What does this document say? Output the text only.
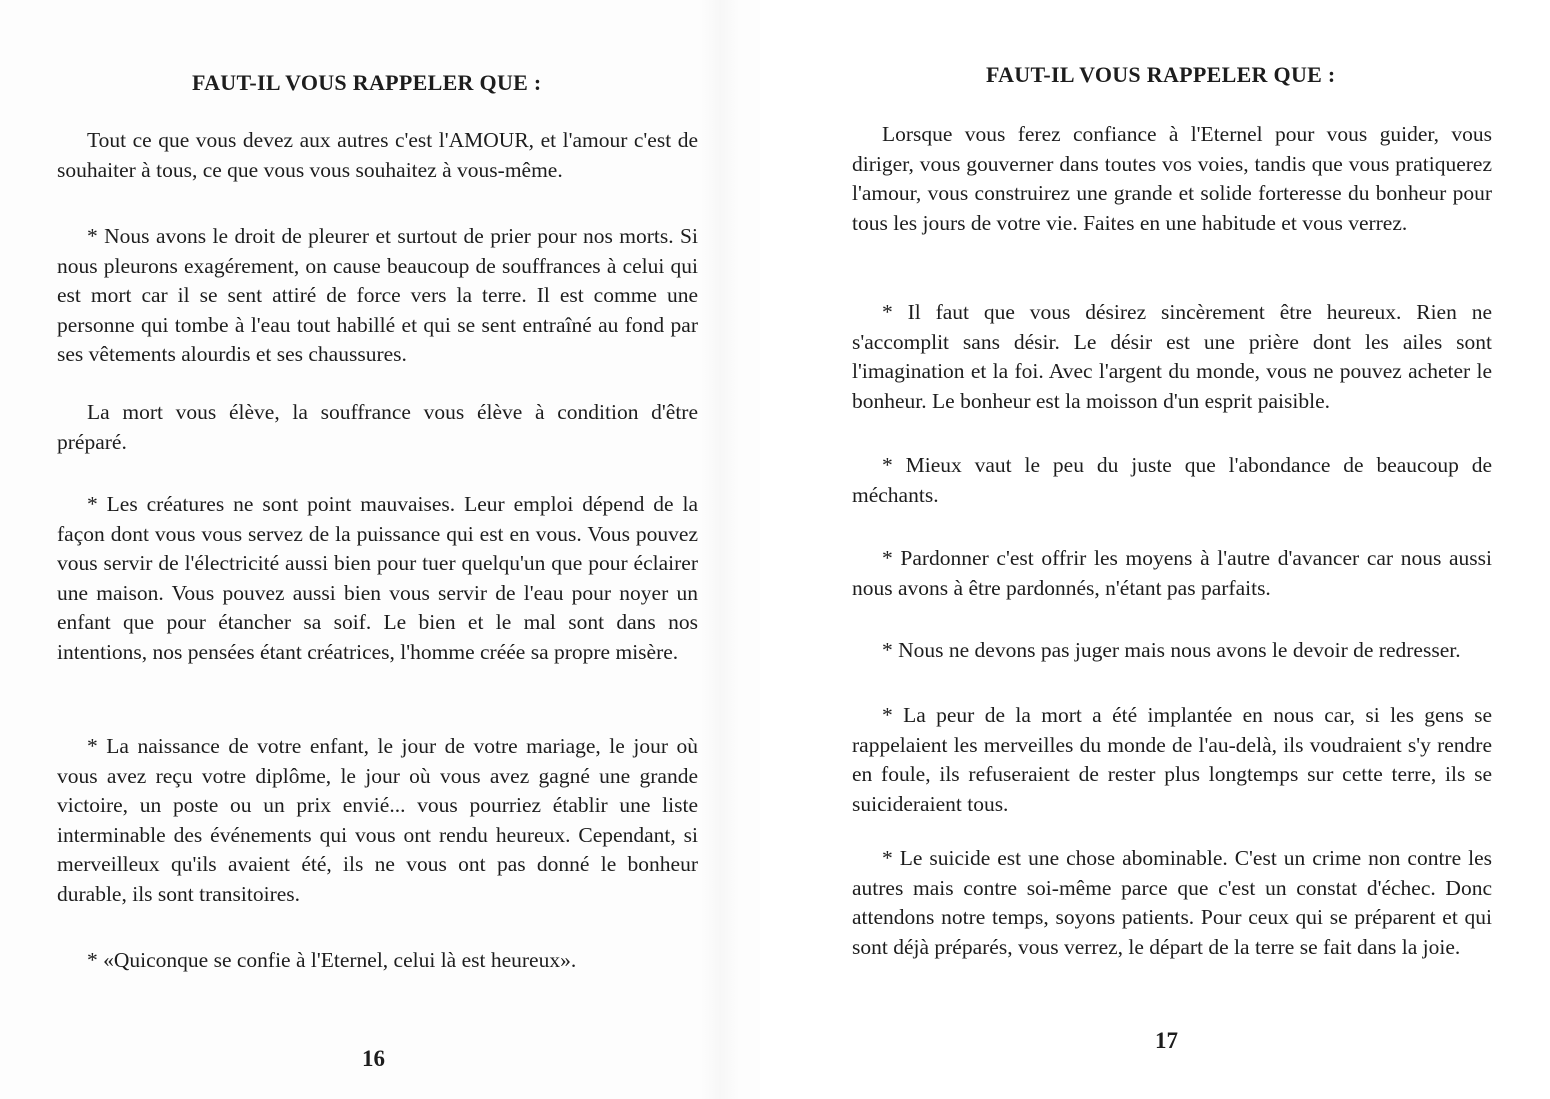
FAUT-IL VOUS RAPPELER QUE :

Tout ce que vous devez aux autres c'est l'AMOUR, et l'amour c'est de souhaiter à tous, ce que vous vous souhaitez à vous-même.

* Nous avons le droit de pleurer et surtout de prier pour nos morts. Si nous pleurons exagérement, on cause beaucoup de souffrances à celui qui est mort car il se sent attiré de force vers la terre. Il est comme une personne qui tombe à l'eau tout habillé et qui se sent entraîné au fond par ses vêtements alourdis et ses chaussures.

La mort vous élève, la souffrance vous élève à condition d'être préparé.

* Les créatures ne sont point mauvaises. Leur emploi dépend de la façon dont vous vous servez de la puissance qui est en vous. Vous pouvez vous servir de l'électricité aussi bien pour tuer quelqu'un que pour éclairer une maison. Vous pouvez aussi bien vous servir de l'eau pour noyer un enfant que pour étancher sa soif. Le bien et le mal sont dans nos intentions, nos pensées étant créatrices, l'homme créée sa propre misère.

* La naissance de votre enfant, le jour de votre mariage, le jour où vous avez reçu votre diplôme, le jour où vous avez gagné une grande victoire, un poste ou un prix envié... vous pourriez établir une liste interminable des événements qui vous ont rendu heureux. Cependant, si merveilleux qu'ils avaient été, ils ne vous ont pas donné le bonheur durable, ils sont transitoires.

* «Quiconque se confie à l'Eternel, celui là est heureux».

16

FAUT-IL VOUS RAPPELER QUE :

Lorsque vous ferez confiance à l'Eternel pour vous guider, vous diriger, vous gouverner dans toutes vos voies, tandis que vous pratiquerez l'amour, vous construirez une grande et solide forteresse du bonheur pour tous les jours de votre vie. Faites en une habitude et vous verrez.

* Il faut que vous désirez sincèrement être heureux. Rien ne s'accomplit sans désir. Le désir est une prière dont les ailes sont l'imagination et la foi. Avec l'argent du monde, vous ne pouvez acheter le bonheur. Le bonheur est la moisson d'un esprit paisible.

* Mieux vaut le peu du juste que l'abondance de beaucoup de méchants.

* Pardonner c'est offrir les moyens à l'autre d'avancer car nous aussi nous avons à être pardonnés, n'étant pas parfaits.

* Nous ne devons pas juger mais nous avons le devoir de redresser.

* La peur de la mort a été implantée en nous car, si les gens se rappelaient les merveilles du monde de l'au-delà, ils voudraient s'y rendre en foule, ils refuseraient de rester plus longtemps sur cette terre, ils se suicideraient tous.

* Le suicide est une chose abominable. C'est un crime non contre les autres mais contre soi-même parce que c'est un constat d'échec. Donc attendons notre temps, soyons patients. Pour ceux qui se préparent et qui sont déjà préparés, vous verrez, le départ de la terre se fait dans la joie.

17
